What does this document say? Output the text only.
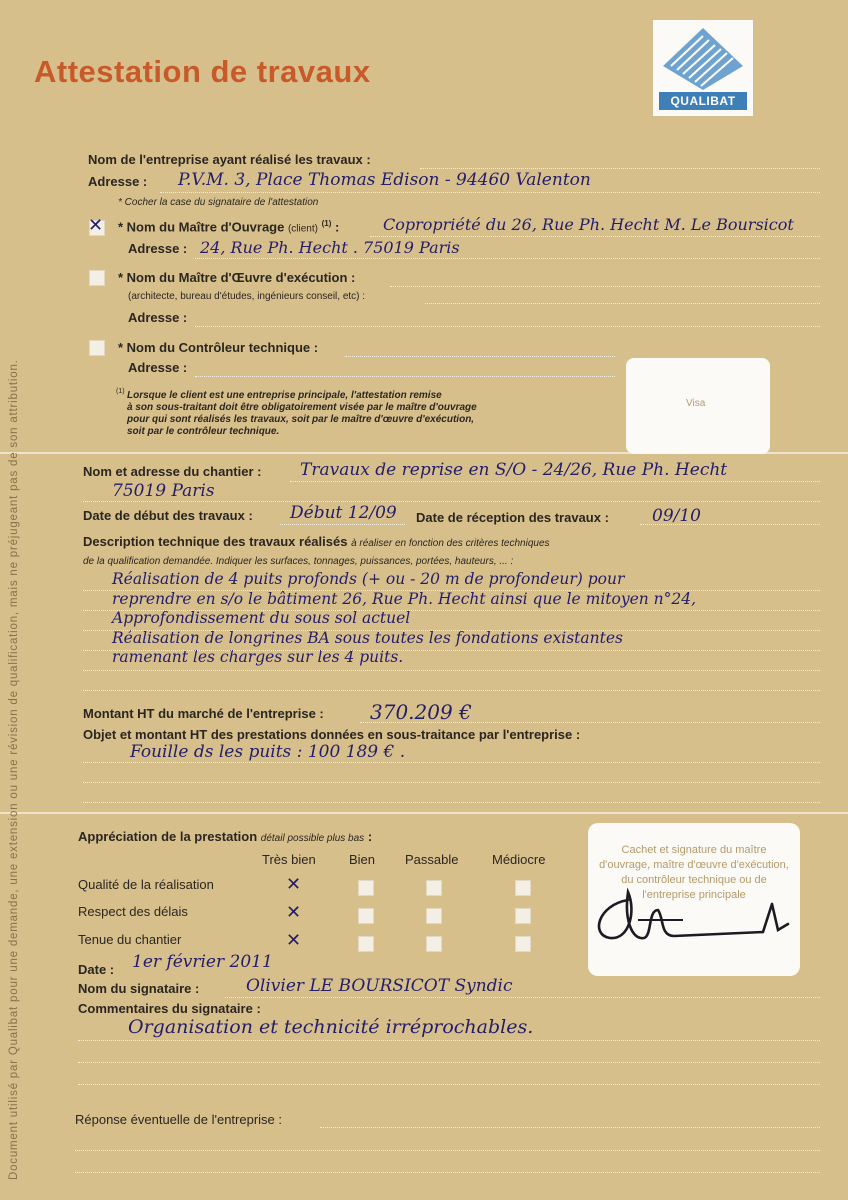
Document utilisé par Qualibat pour une demande, une extension ou une révision de qualification, mais ne préjugeant pas de son attribution.
Attestation de travaux
QUALIBAT
Nom de l'entreprise ayant réalisé les travaux :
Adresse : P.V.M. 3, Place Thomas Edison - 94460 Valenton
* Cocher la case du signataire de l'attestation
✕ * Nom du Maître d'Ouvrage (client) $^{(1)}$ :	Copropriété du 26, Rue Ph. Hecht M. Le Boursicot
Adresse : 24, Rue Ph. Hecht . 75019 Paris
* Nom du Maître d'Œuvre d'exécution :
(architecte, bureau d'études, ingénieurs conseil, etc) :
Adresse :
* Nom du Contrôleur technique :
Adresse :
(1) Lorsque le client est une entreprise principale, l'attestation remise
à son sous-traitant doit être obligatoirement visée par le maître d'ouvrage
pour qui sont réalisés les travaux, soit par le maître d'œuvre d'exécution,
soit par le contrôleur technique.
Visa
Nom et adresse du chantier : Travaux de reprise en S/O - 24/26, Rue Ph. Hecht
75019 Paris
Date de début des travaux : Début 12/09 Date de réception des travaux :	09/10
Description technique des travaux réalisés à réaliser en fonction des critères techniques
de la qualification demandée. Indiquer les surfaces, tonnages, puissances, portées, hauteurs, ... :
Réalisation de 4 puits profonds (+ ou - 20 m de profondeur) pour
reprendre en s/o le bâtiment 26, Rue Ph. Hecht ainsi que le mitoyen n°24,
Approfondissement du sous sol actuel
Réalisation de longrines BA sous toutes les fondations existantes
ramenant les charges sur les 4 puits.
Montant HT du marché de l'entreprise : 370.209 €
Objet et montant HT des prestations données en sous-traitance par l'entreprise :
Fouille ds les puits : 100 189 € .
Appréciation de la prestation détail possible plus bas :
Très bien	Bien Passable	Médiocre
Qualité de la réalisation	✕
Respect des délais	✕
Tenue du chantier	✕
Cachet et signature du maître d'ouvrage, maître d'œuvre d'exécution, du contrôleur technique ou de l'entreprise principale
Date : 1er février 2011
Nom du signataire :	Olivier LE BOURSICOT Syndic
Commentaires du signataire :
Organisation et technicité irréprochables.
Réponse éventuelle de l'entreprise :
